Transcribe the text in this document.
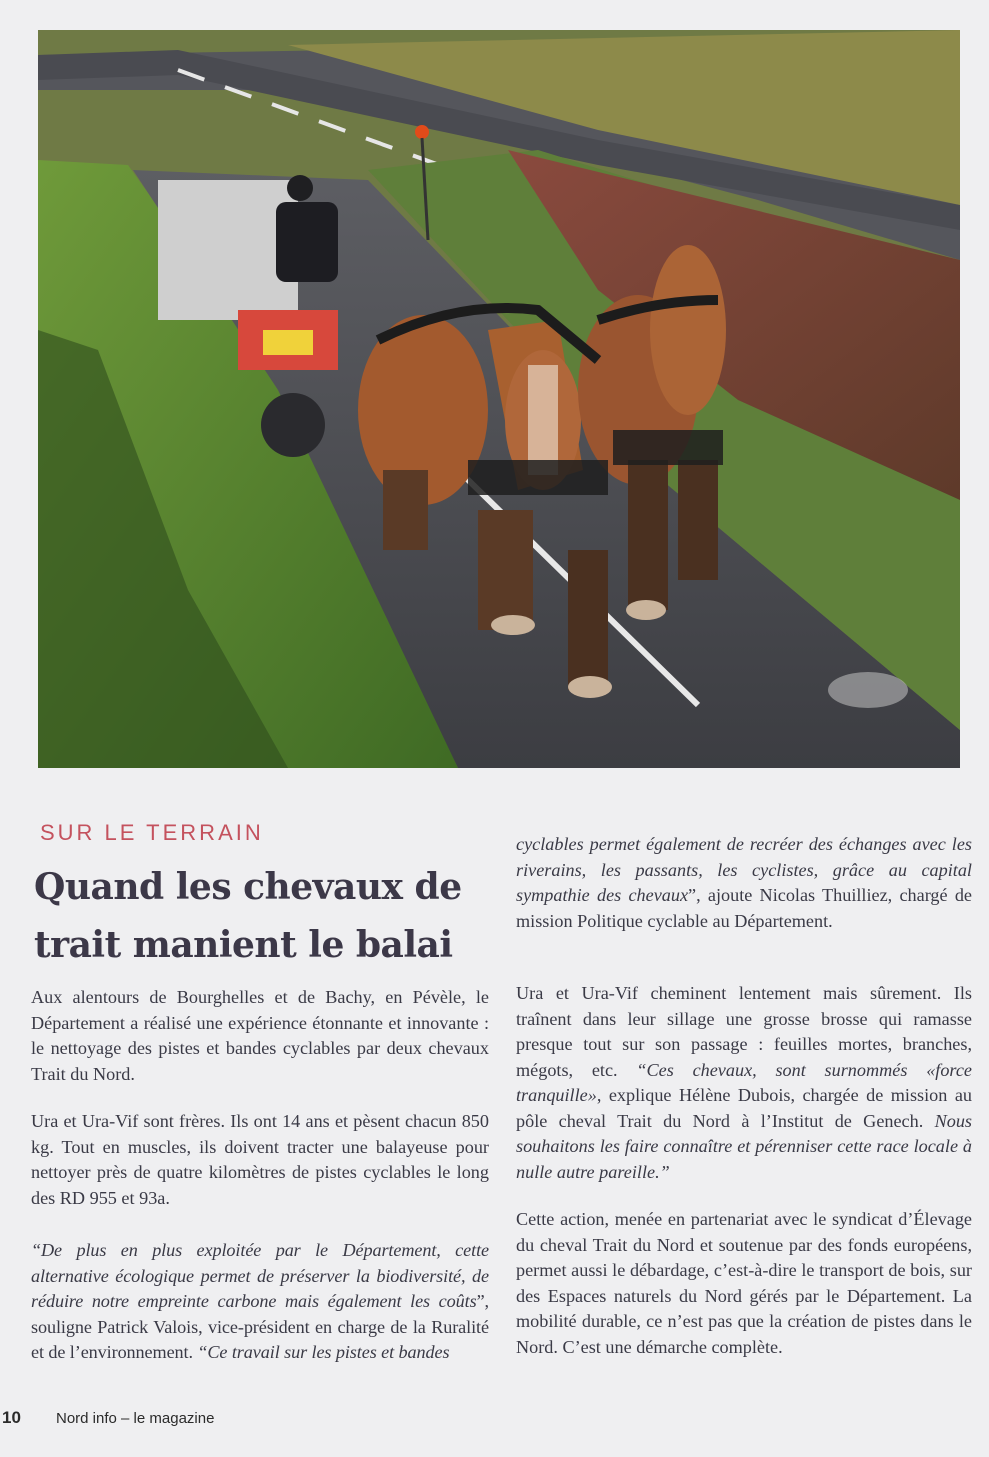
SUR LE TERRAIN
Quand les chevaux de trait manient le balai

Aux alentours de Bourghelles et de Bachy, en Pévèle, le Département a réalisé une expérience étonnante et innovante : le nettoyage des pistes et bandes cyclables par deux chevaux Trait du Nord.

Ura et Ura-Vif sont frères. Ils ont 14 ans et pèsent chacun 850 kg. Tout en muscles, ils doivent tracter une balayeuse pour nettoyer près de quatre kilomètres de pistes cyclables le long des RD 955 et 93a.

“De plus en plus exploitée par le Département, cette alternative écologique permet de préserver la biodiversité, de réduire notre empreinte carbone mais également les coûts”, souligne Patrick Valois, vice-président en charge de la Ruralité et de l’environnement. “Ce travail sur les pistes et bandes

cyclables permet également de recréer des échanges avec les riverains, les passants, les cyclistes, grâce au capital sympathie des chevaux”, ajoute Nicolas Thuilliez, chargé de mission Politique cyclable au Département.

Ura et Ura-Vif cheminent lentement mais sûrement. Ils traînent dans leur sillage une grosse brosse qui ramasse presque tout sur son passage : feuilles mortes, branches, mégots, etc. “Ces chevaux, sont surnommés «force tranquille», explique Hélène Dubois, chargée de mission au pôle cheval Trait du Nord à l’Institut de Genech. Nous souhaitons les faire connaître et pérenniser cette race locale à nulle autre pareille.”

Cette action, menée en partenariat avec le syndicat d’Élevage du cheval Trait du Nord et soutenue par des fonds européens, permet aussi le débardage, c’est-à-dire le transport de bois, sur des Espaces naturels du Nord gérés par le Département. La mobilité durable, ce n’est pas que la création de pistes dans le Nord. C’est une démarche complète.

10 Nord info – le magazine
